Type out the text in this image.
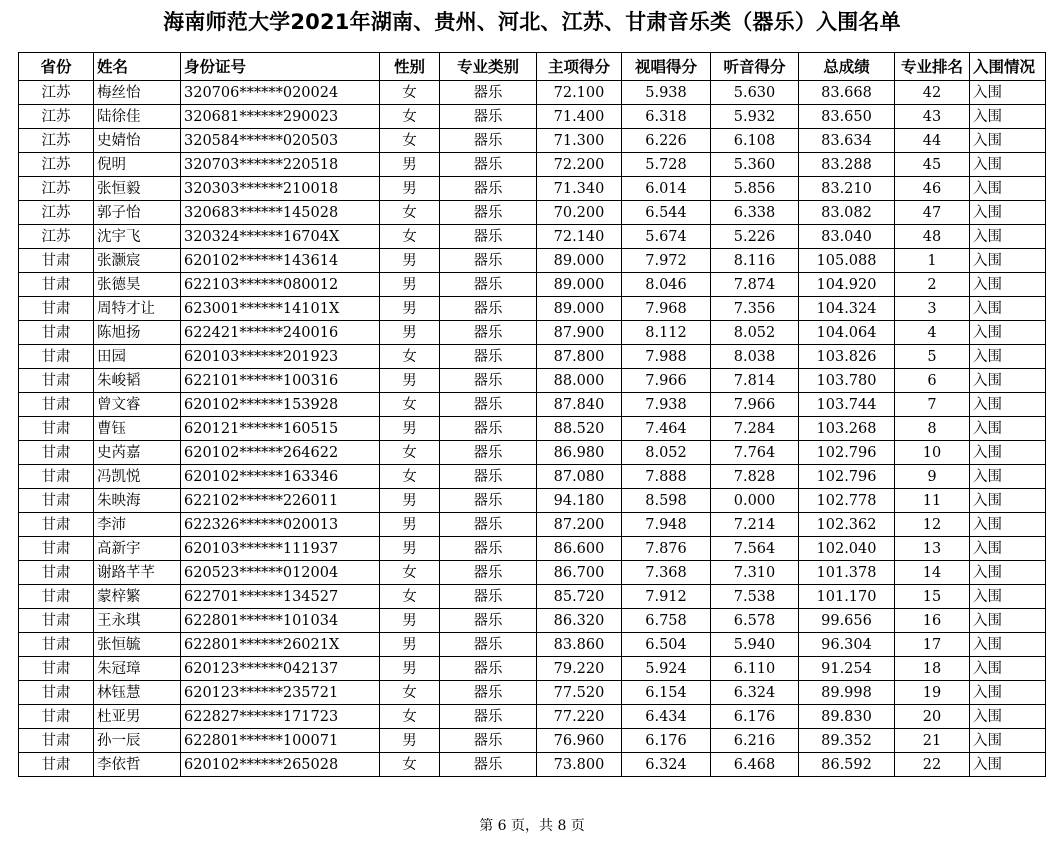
海南师范大学2021年湖南、贵州、河北、江苏、甘肃音乐类（器乐）入围名单
省份	姓名	身份证号	性别	专业类别	主项得分	视唱得分	听音得分	总成绩	专业排名	入围情况
江苏	梅丝怡	320706******020024	女	器乐	72.100	5.938	5.630	83.668	42	入围
江苏	陆徐佳	320681******290023	女	器乐	71.400	6.318	5.932	83.650	43	入围
江苏	史婧怡	320584******020503	女	器乐	71.300	6.226	6.108	83.634	44	入围
江苏	倪明	320703******220518	男	器乐	72.200	5.728	5.360	83.288	45	入围
江苏	张恒毅	320303******210018	男	器乐	71.340	6.014	5.856	83.210	46	入围
江苏	郭子怡	320683******145028	女	器乐	70.200	6.544	6.338	83.082	47	入围
江苏	沈宇飞	320324******16704X	女	器乐	72.140	5.674	5.226	83.040	48	入围
甘肃	张灏宸	620102******143614	男	器乐	89.000	7.972	8.116	105.088	1	入围
甘肃	张德昊	622103******080012	男	器乐	89.000	8.046	7.874	104.920	2	入围
甘肃	周特才让	623001******14101X	男	器乐	89.000	7.968	7.356	104.324	3	入围
甘肃	陈旭扬	622421******240016	男	器乐	87.900	8.112	8.052	104.064	4	入围
甘肃	田园	620103******201923	女	器乐	87.800	7.988	8.038	103.826	5	入围
甘肃	朱峻韬	622101******100316	男	器乐	88.000	7.966	7.814	103.780	6	入围
甘肃	曾文睿	620102******153928	女	器乐	87.840	7.938	7.966	103.744	7	入围
甘肃	曹钰	620121******160515	男	器乐	88.520	7.464	7.284	103.268	8	入围
甘肃	史芮嘉	620102******264622	女	器乐	86.980	8.052	7.764	102.796	10	入围
甘肃	冯凯悦	620102******163346	女	器乐	87.080	7.888	7.828	102.796	9	入围
甘肃	朱映海	622102******226011	男	器乐	94.180	8.598	0.000	102.778	11	入围
甘肃	李沛	622326******020013	男	器乐	87.200	7.948	7.214	102.362	12	入围
甘肃	高新宇	620103******111937	男	器乐	86.600	7.876	7.564	102.040	13	入围
甘肃	谢路芊芊	620523******012004	女	器乐	86.700	7.368	7.310	101.378	14	入围
甘肃	蒙梓繁	622701******134527	女	器乐	85.720	7.912	7.538	101.170	15	入围
甘肃	王永琪	622801******101034	男	器乐	86.320	6.758	6.578	99.656	16	入围
甘肃	张恒毓	622801******26021X	男	器乐	83.860	6.504	5.940	96.304	17	入围
甘肃	朱冠璋	620123******042137	男	器乐	79.220	5.924	6.110	91.254	18	入围
甘肃	林钰慧	620123******235721	女	器乐	77.520	6.154	6.324	89.998	19	入围
甘肃	杜亚男	622827******171723	女	器乐	77.220	6.434	6.176	89.830	20	入围
甘肃	孙一辰	622801******100071	男	器乐	76.960	6.176	6.216	89.352	21	入围
甘肃	李依哲	620102******265028	女	器乐	73.800	6.324	6.468	86.592	22	入围
第 6 页，共 8 页
